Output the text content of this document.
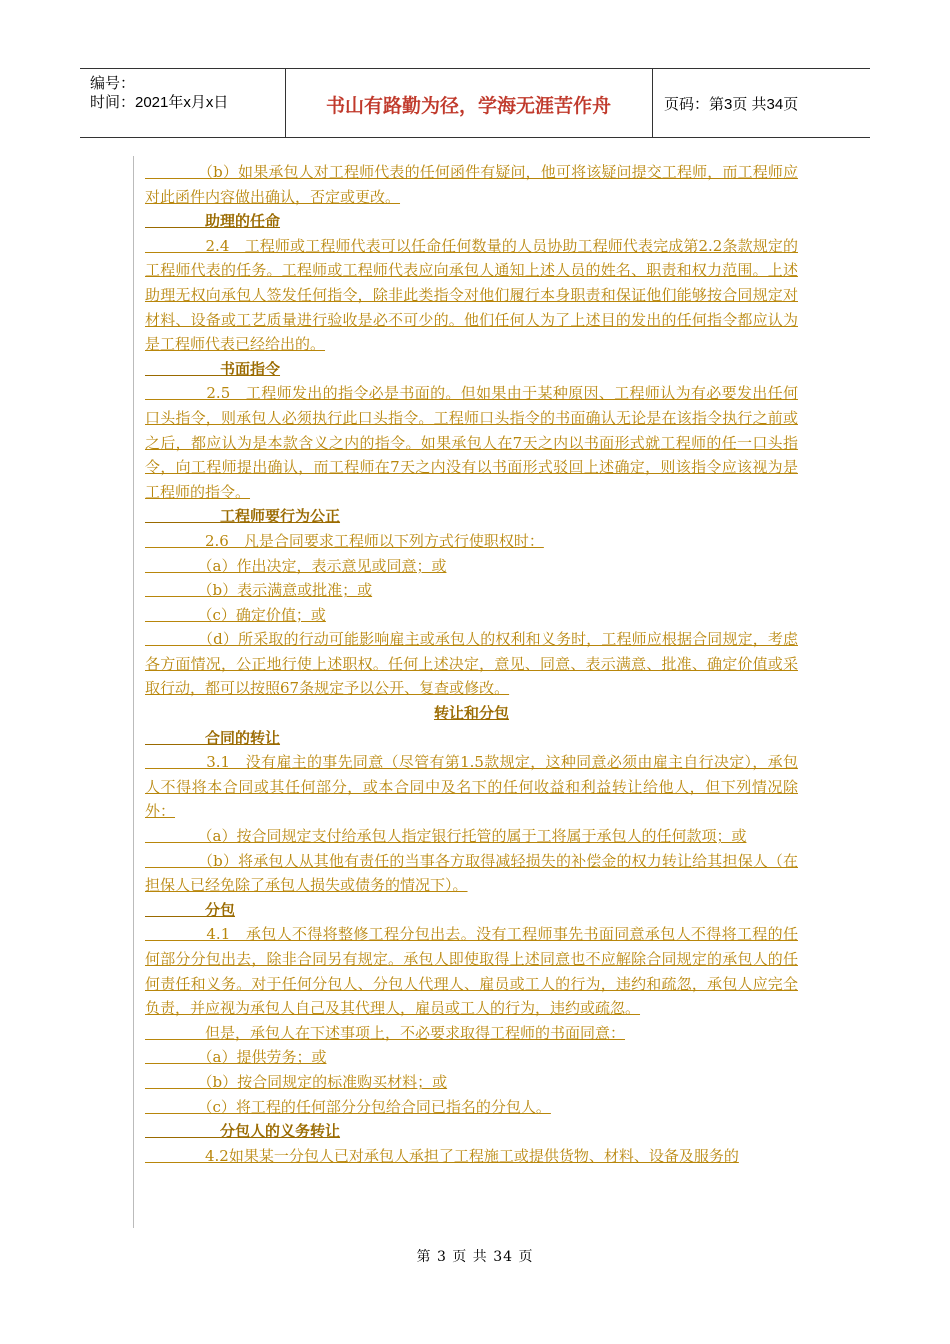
编号：
时间：2021年x月x日	书山有路勤为径，学海无涯苦作舟	页码：第3页 共34页

　　　　（b）如果承包人对工程师代表的任何函件有疑问，他可将该疑问提交工程师，而工程师应对此函件内容做出确认，否定或更改。

　　　　助理的任命

　　　　2.4　工程师或工程师代表可以任命任何数量的人员协助工程师代表完成第2.2条款规定的工程师代表的任务。工程师或工程师代表应向承包人通知上述人员的姓名、职责和权力范围。上述助理无权向承包人签发任何指令，除非此类指令对他们履行本身职责和保证他们能够按合同规定对材料、设备或工艺质量进行验收是必不可少的。他们任何人为了上述目的发出的任何指令都应认为是工程师代表已经给出的。

　　　　　书面指令

　　　　2.5　工程师发出的指令必是书面的。但如果由于某种原因、工程师认为有必要发出任何口头指令，则承包人必须执行此口头指令。工程师口头指令的书面确认无论是在该指令执行之前或之后，都应认为是本款含义之内的指令。如果承包人在7天之内以书面形式就工程师的任一口头指令，向工程师提出确认，而工程师在7天之内没有以书面形式驳回上述确定，则该指令应该视为是工程师的指令。

　　　　　工程师要行为公正

　　　　2.6　凡是合同要求工程师以下列方式行使职权时：

　　　　（a）作出决定，表示意见或同意；或

　　　　（b）表示满意或批准；或

　　　　（c）确定价值；或

　　　　（d）所采取的行动可能影响雇主或承包人的权利和义务时，工程师应根据合同规定，考虑各方面情况，公正地行使上述职权。任何上述决定，意见、同意、表示满意、批准、确定价值或采取行动，都可以按照67条规定予以公开、复查或修改。

转让和分包

　　　　合同的转让

　　　　3.1　没有雇主的事先同意（尽管有第1.5款规定，这种同意必须由雇主自行决定），承包人不得将本合同或其任何部分，或本合同中及名下的任何收益和利益转让给他人，但下列情况除外：

　　　　（a）按合同规定支付给承包人指定银行托管的属于工将属于承包人的任何款项；或

　　　　（b）将承包人从其他有责任的当事各方取得减轻损失的补偿金的权力转让给其担保人（在担保人已经免除了承包人损失或债务的情况下）。

　　　　分包

　　　　4.1　承包人不得将整修工程分包出去。没有工程师事先书面同意承包人不得将工程的任何部分分包出去，除非合同另有规定。承包人即使取得上述同意也不应解除合同规定的承包人的任何责任和义务。对于任何分包人、分包人代理人、雇员或工人的行为，违约和疏忽，承包人应完全负责，并应视为承包人自己及其代理人，雇员或工人的行为，违约或疏忽。

　　　　但是，承包人在下述事项上，不必要求取得工程师的书面同意：

　　　　（a）提供劳务；或

　　　　（b）按合同规定的标准购买材料；或

　　　　（c）将工程的任何部分分包给合同已指名的分包人。

　　　　　分包人的义务转让

　　　　4.2如果某一分包人已对承包人承担了工程施工或提供货物、材料、设备及服务的

第 3 页 共 34 页
